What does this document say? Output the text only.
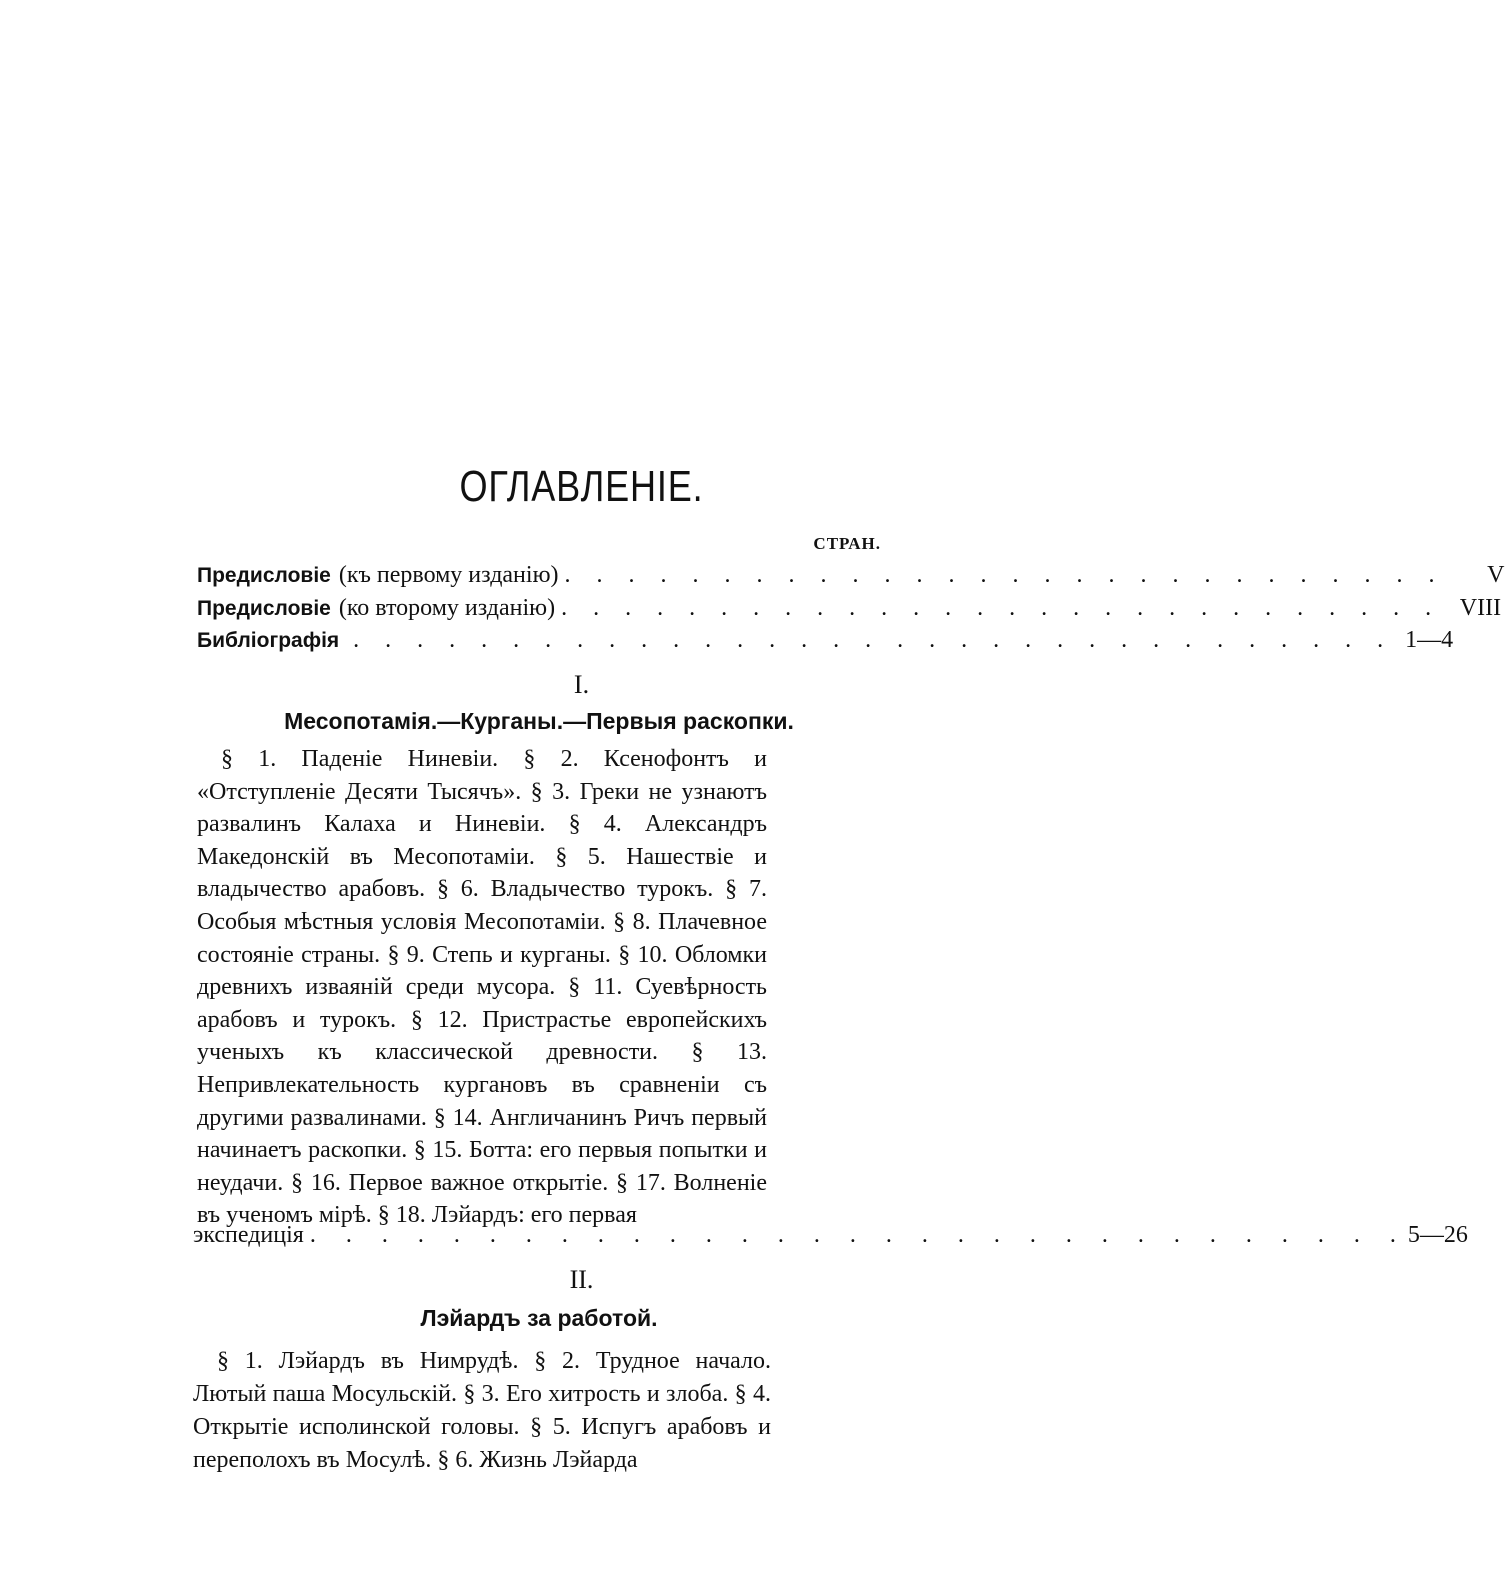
ОГЛАВЛЕНІЕ.
СТРАН.
Предисловіе (къ первому изданію) . . . . . . . . . . . . . . . . . . . . . . . . . . . .	V
Предисловіе (ко второму изданію) . . . . . . . . . . . . . . . . . . . . . . . . . . . . VIII
Библіографія . . . . . . . . . . . . . . . . . . . . . . . . . . . . . . . . . 1—4
I.
Месопотамія.—Курганы.—Первыя раскопки.
§ 1. Паденіе Ниневіи. § 2. Ксенофонтъ и «Отступленіе Десяти Тысячъ». § 3. Греки не узнаютъ развалинъ Калаха и Ниневіи. § 4. Александръ Македонскій въ Месопотаміи. § 5. Нашествіе и владычество арабовъ. § 6. Владычество турокъ. § 7. Особыя мѣстныя условія Месопотаміи. § 8. Плачевное состояніе страны. § 9. Степь и курганы. § 10. Обломки древнихъ изваяній среди мусора. § 11. Суевѣрность арабовъ и турокъ. § 12. Пристрастье европейскихъ ученыхъ къ классической древности. § 13. Непривлекательность кургановъ въ сравненіи съ другими развалинами. § 14. Англичанинъ Ричъ первый начинаетъ раскопки. § 15. Ботта: его первыя попытки и неудачи. § 16. Первое важное открытіе. § 17. Волненіе въ ученомъ мірѣ. § 18. Лэйардъ: его первая
экспедиція . . . . . . . . . . . . . . . . . . . . . . . . . . . . . . . 5—26
II.
Лэйардъ за работой.
§ 1. Лэйардъ въ Нимрудѣ. § 2. Трудное начало. Лютый паша Мосульскій. § 3. Его хитрость и злоба. § 4. Открытіе исполинской головы. § 5. Испугъ арабовъ и переполохъ въ Мосулѣ. § 6. Жизнь Лэйарда
